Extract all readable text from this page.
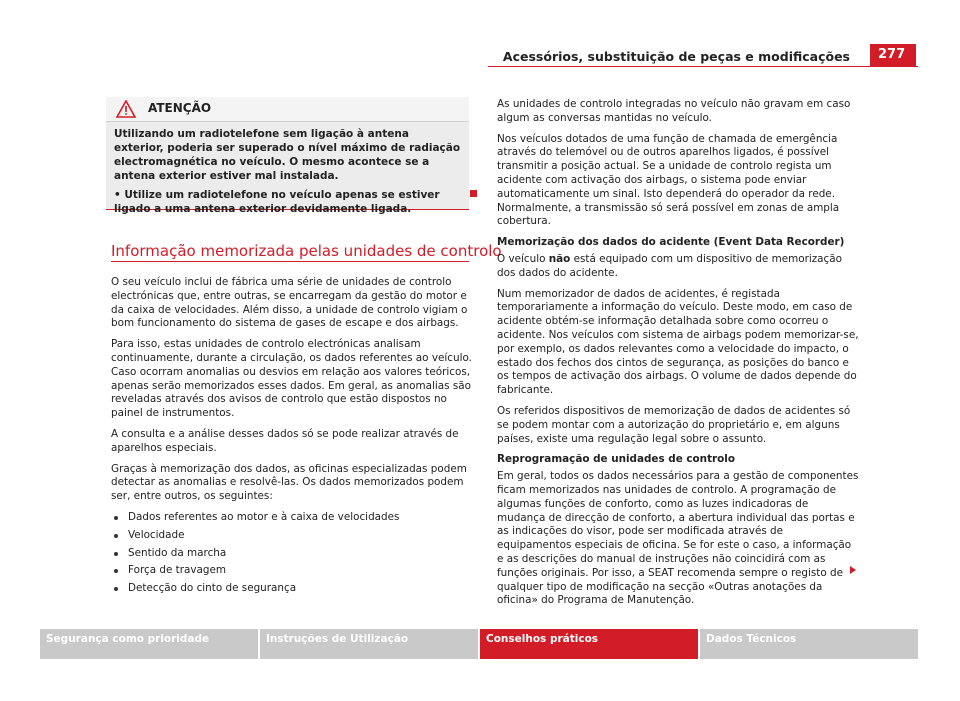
Acessórios, substituição de peças e modificações	277
ATENÇÃO

Utilizando um radiotelefone sem ligação à antena exterior, poderia ser superado o nível máximo de radiação electromagnética no veículo. O mesmo acontece se a antena exterior estiver mal instalada.

• Utilize um radiotelefone no veículo apenas se estiver ligado a uma antena exterior devidamente ligada.

Informação memorizada pelas unidades de controlo

O seu veículo inclui de fábrica uma série de unidades de controlo electrónicas que, entre outras, se encarregam da gestão do motor e da caixa de velocidades. Além disso, a unidade de controlo vigiam o bom funcionamento do sistema de gases de escape e dos airbags.

Para isso, estas unidades de controlo electrónicas analisam continuamente, durante a circulação, os dados referentes ao veículo. Caso ocorram anomalias ou desvios em relação aos valores teóricos, apenas serão memorizados esses dados. Em geral, as anomalias são reveladas através dos avisos de controlo que estão dispostos no painel de instrumentos.

A consulta e a análise desses dados só se pode realizar através de aparelhos especiais.

Graças à memorização dos dados, as oficinas especializadas podem detectar as anomalias e resolvê-las. Os dados memorizados podem ser, entre outros, os seguintes:

Dados referentes ao motor e à caixa de velocidades
Velocidade
Sentido da marcha
Força de travagem
Detecção do cinto de segurança

As unidades de controlo integradas no veículo não gravam em caso algum as conversas mantidas no veículo.

Nos veículos dotados de uma função de chamada de emergência através do telemóvel ou de outros aparelhos ligados, é possível transmitir a posição actual. Se a unidade de controlo regista um acidente com activação dos airbags, o sistema pode enviar automaticamente um sinal. Isto dependerá do operador da rede. Normalmente, a transmissão só será possível em zonas de ampla cobertura.

Memorização dos dados do acidente (Event Data Recorder)

O veículo não está equipado com um dispositivo de memorização dos dados do acidente.

Num memorizador de dados de acidentes, é registada temporariamente a informação do veículo. Deste modo, em caso de acidente obtém-se informação detalhada sobre como ocorreu o acidente. Nos veículos com sistema de airbags podem memorizar-se, por exemplo, os dados relevantes como a velocidade do impacto, o estado dos fechos dos cintos de segurança, as posições do banco e os tempos de activação dos airbags. O volume de dados depende do fabricante.

Os referidos dispositivos de memorização de dados de acidentes só se podem montar com a autorização do proprietário e, em alguns países, existe uma regulação legal sobre o assunto.

Reprogramação de unidades de controlo

Em geral, todos os dados necessários para a gestão de componentes ficam memorizados nas unidades de controlo. A programação de algumas funções de conforto, como as luzes indicadoras de mudança de direcção de conforto, a abertura individual das portas e as indicações do visor, pode ser modificada através de equipamentos especiais de oficina. Se for este o caso, a informação e as descrições do manual de instruções não coincidirá com as funções originais. Por isso, a SEAT recomenda sempre o registo de qualquer tipo de modificação na secção «Outras anotações da oficina» do Programa de Manutenção.

Segurança como prioridade	Instruções de Utilização	Conselhos práticos	Dados Técnicos
